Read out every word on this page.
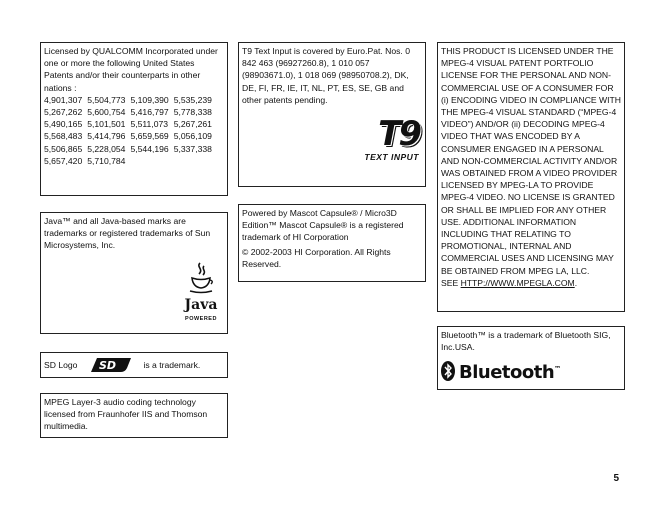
Licensed by QUALCOMM Incorporated under one or more the following United States Patents and/or their counterparts in other nations :

4,901,307 5,504,773 5,109,390 5,535,239
5,267,262 5,600,754 5,416,797 5,778,338
5,490,165 5,101,501 5,511,073 5,267,261
5,568,483 5,414,796 5,659,569 5,056,109
5,506,865 5,228,054 5,544,196 5,337,338
5,657,420 5,710,784

T9 Text Input is covered by Euro.Pat. Nos. 0 842 463 (96927260.8), 1 010 057 (98903671.0), 1 018 069 (98950708.2), DK, DE, FI, FR, IE, IT, NL, PT, ES, SE, GB and other patents pending.

T9
TEXT INPUT

THIS PRODUCT IS LICENSED UNDER THE MPEG-4 VISUAL PATENT PORTFOLIO LICENSE FOR THE PERSONAL AND NON-COMMERCIAL USE OF A CONSUMER FOR (i) ENCODING VIDEO IN COMPLIANCE WITH THE MPEG-4 VISUAL STANDARD (“MPEG-4 VIDEO”) AND/OR (ii) DECODING MPEG-4 VIDEO THAT WAS ENCODED BY A CONSUMER ENGAGED IN A PERSONAL AND NON-COMMERCIAL ACTIVITY AND/OR WAS OBTAINED FROM A VIDEO PROVIDER LICENSED BY MPEG-LA TO PROVIDE MPEG-4 VIDEO. NO LICENSE IS GRANTED OR SHALL BE IMPLIED FOR ANY OTHER USE. ADDITIONAL INFORMATION INCLUDING THAT RELATING TO PROMOTIONAL, INTERNAL AND COMMERCIAL USES AND LICENSING MAY BE OBTAINED FROM MPEG LA, LLC.

SEE HTTP://WWW.MPEGLA.COM.

Java™ and all Java-based marks are trademarks or registered trademarks of Sun Microsystems, Inc.

Java
POWERED

Powered by Mascot Capsule® / Micro3D Edition™ Mascot Capsule® is a registered trademark of HI Corporation

© 2002-2003 HI Corporation. All Rights Reserved.

SD Logo SD	is a trademark.

MPEG Layer-3 audio coding technology licensed from Fraunhofer IIS and Thomson multimedia.

Bluetooth™ is a trademark of Bluetooth SIG, Inc.USA.

Bluetooth™
5
